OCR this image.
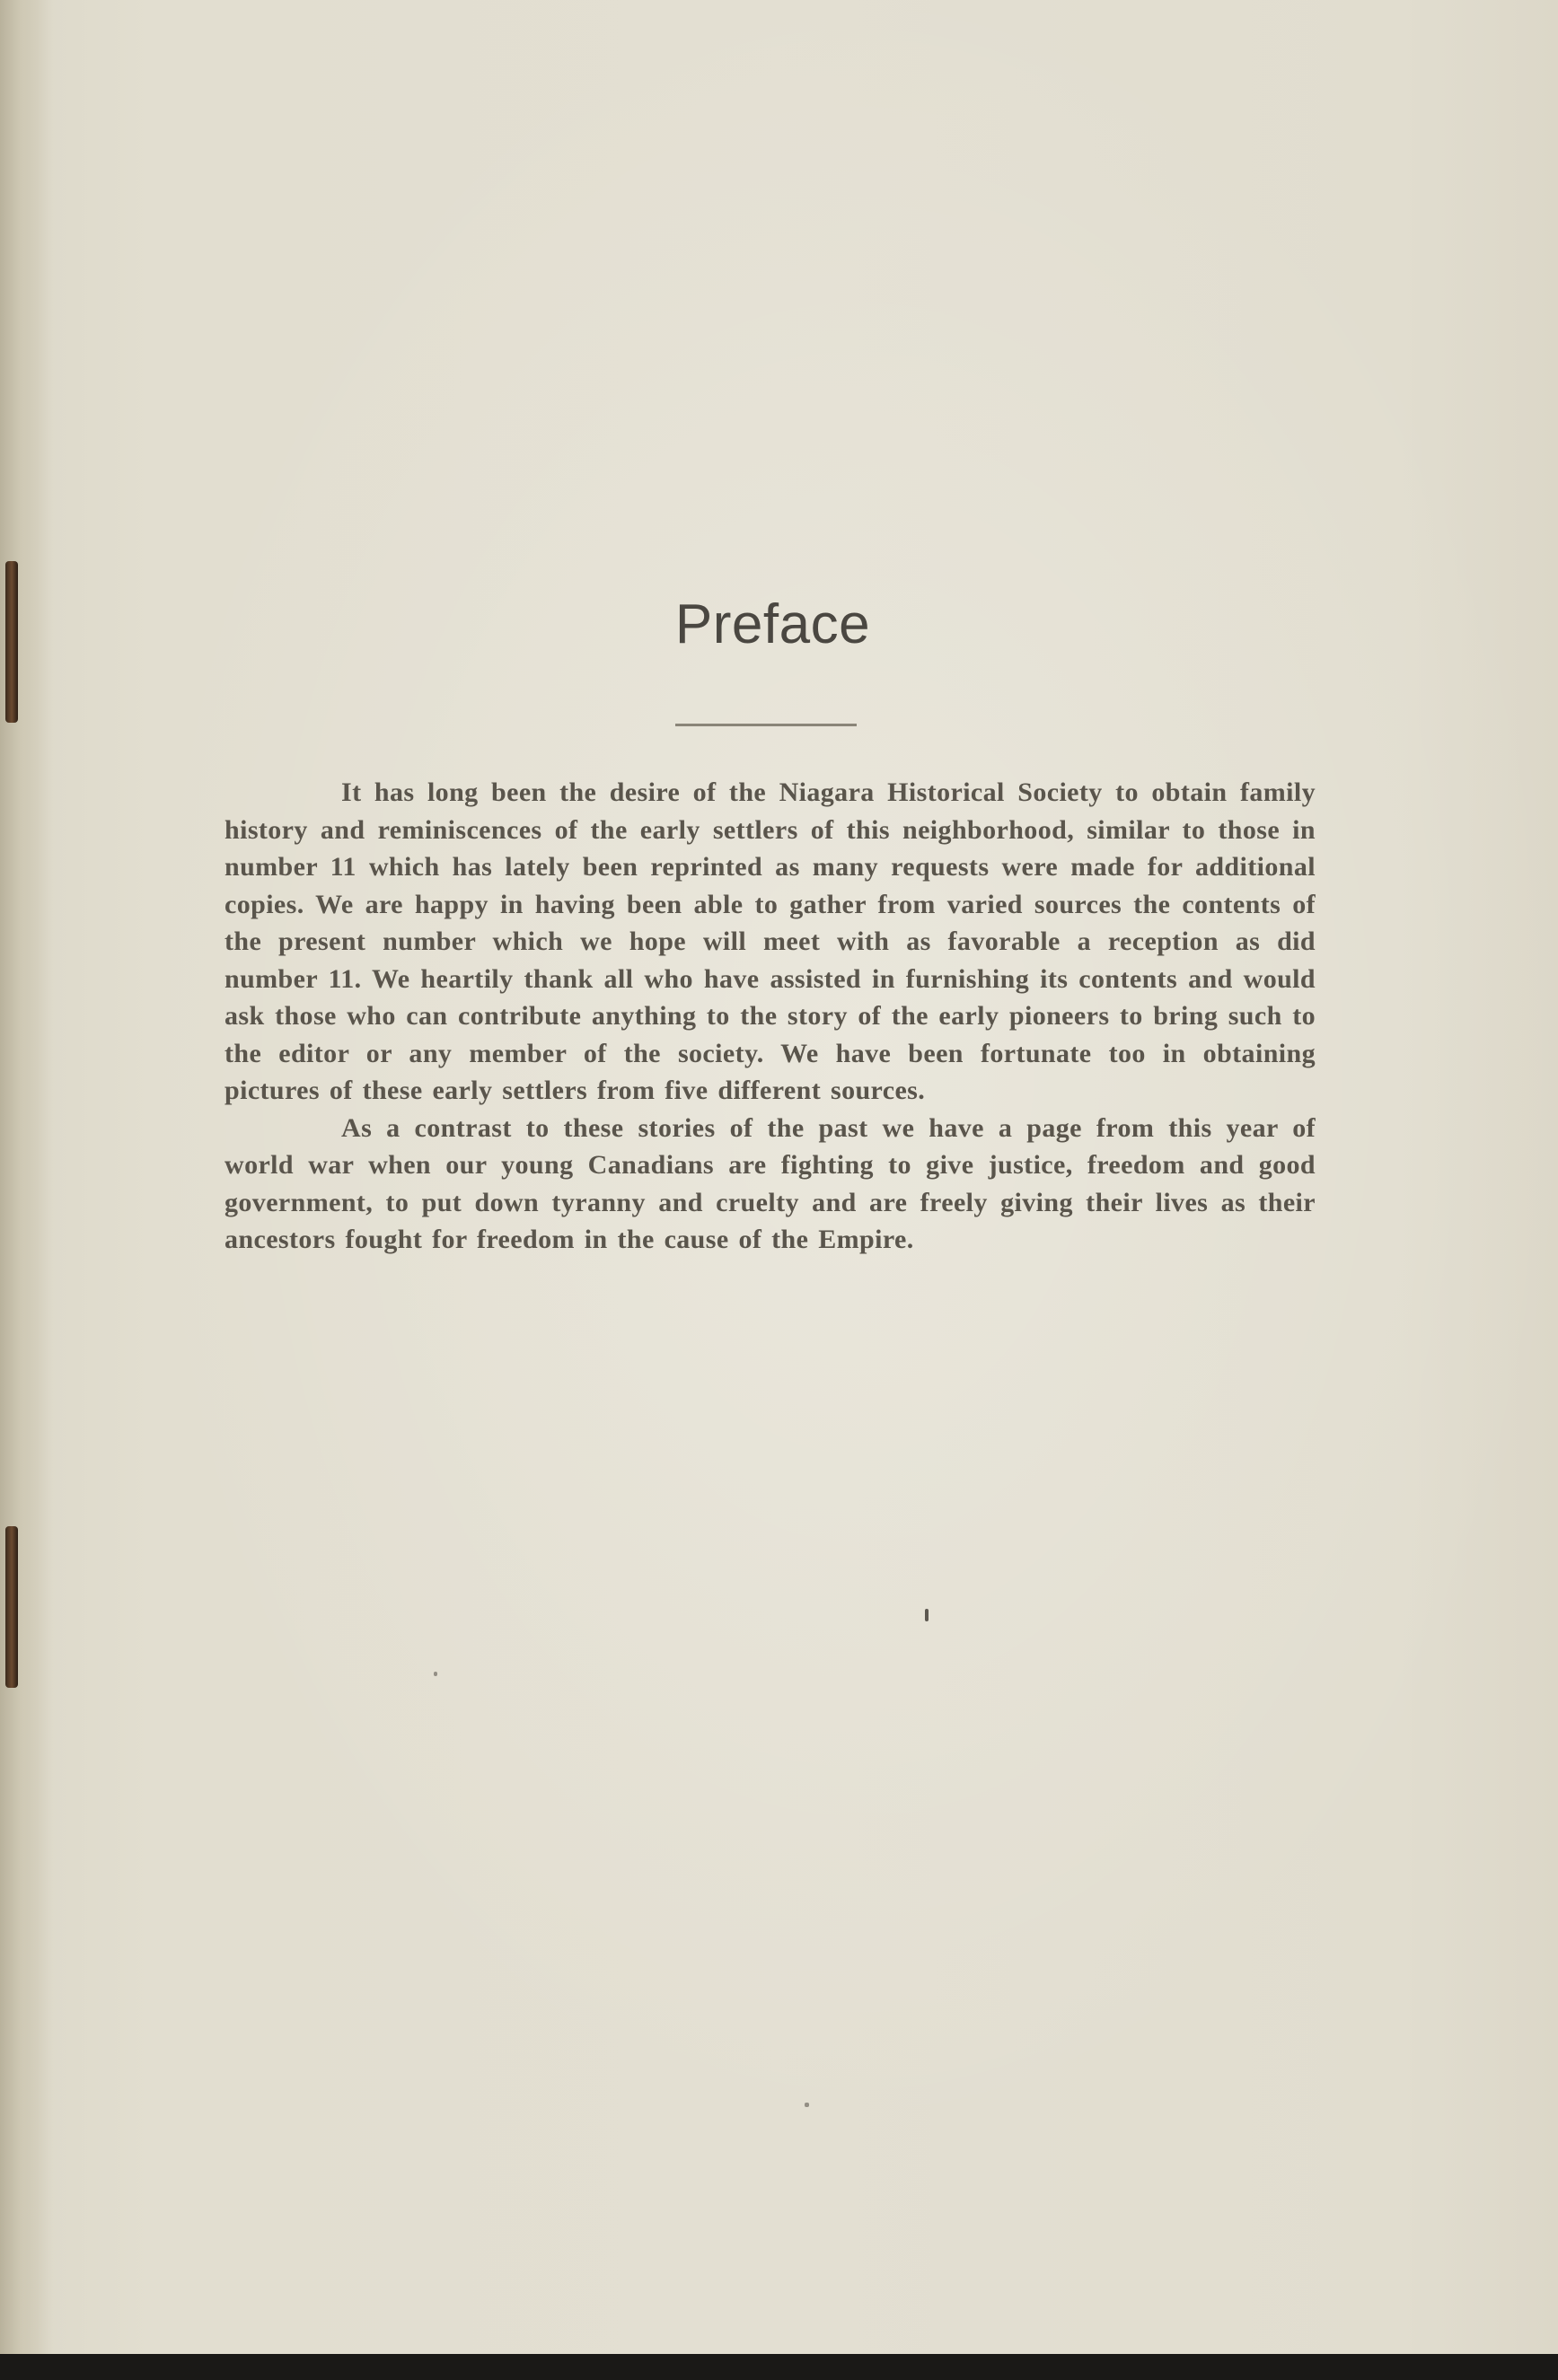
Preface

It has long been the desire of the Niagara Historical Society to obtain family history and reminiscences of the early settlers of this neighborhood, similar to those in number 11 which has lately been reprinted as many requests were made for additional copies. We are happy in having been able to gather from varied sources the contents of the present number which we hope will meet with as favorable a reception as did number 11. We heartily thank all who have assisted in furnishing its contents and would ask those who can contribute anything to the story of the early pioneers to bring such to the editor or any member of the society. We have been fortunate too in obtaining pictures of these early settlers from five different sources.

As a contrast to these stories of the past we have a page from this year of world war when our young Canadians are fighting to give justice, freedom and good government, to put down tyranny and cruelty and are freely giving their lives as their ancestors fought for freedom in the cause of the Empire.
